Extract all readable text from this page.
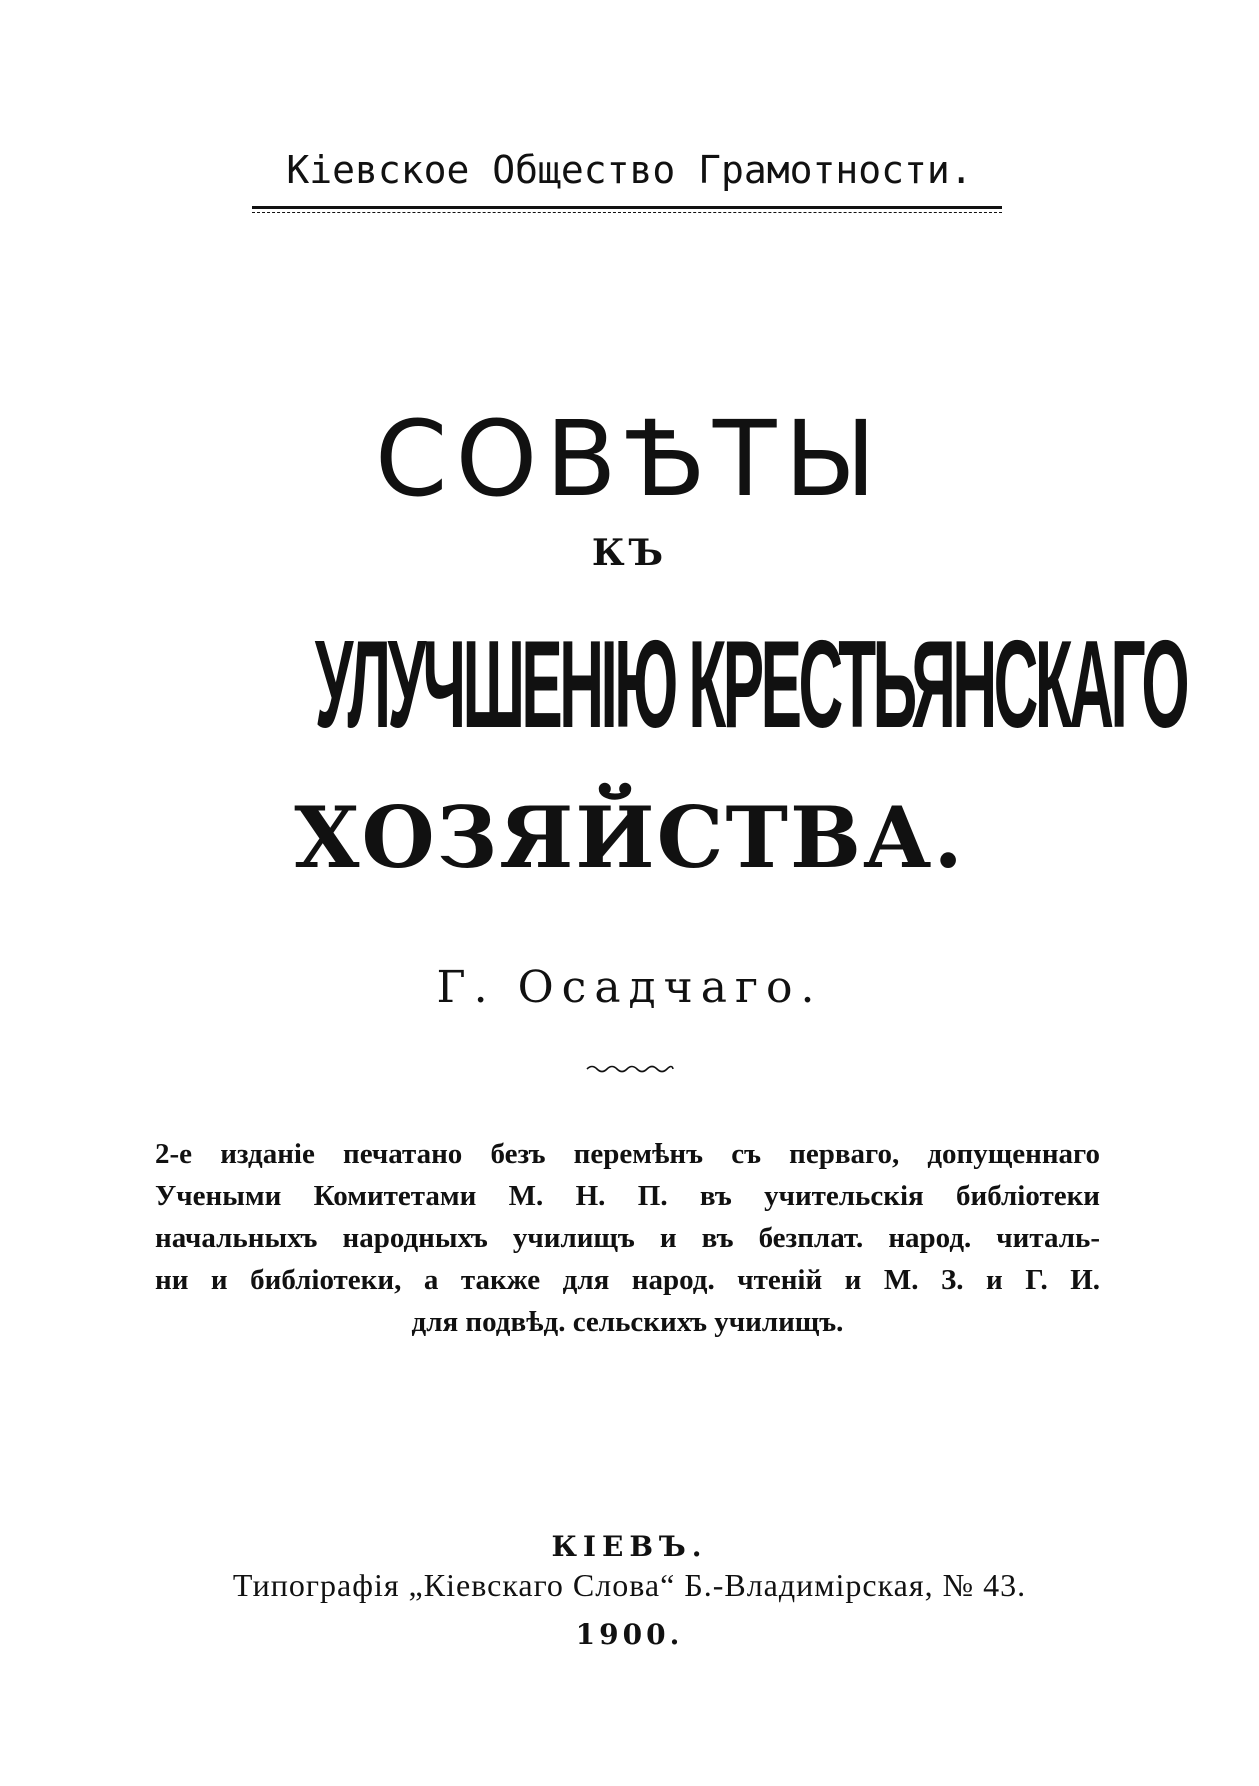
Кіевское Общество Грамотности.
СОВѢТЫ
КЪ
УЛУЧШЕНІЮ КРЕСТЬЯНСКАГО
ХОЗЯЙСТВА.
Г. Осадчаго.
2-е изданіе печатано безъ перемѣнъ съ перваго, допущеннаго
Учеными Комитетами М. Н. П. въ учительскія библіотеки
начальныхъ народныхъ училищъ и въ безплат. народ. читаль-
ни и библіотеки, а также для народ. чтеній и М. З. и Г. И.
для подвѣд. сельскихъ училищъ.
КІЕВЪ.
Типографія „Кіевскаго Слова“ Б.-Владимірская, № 43.
1900.
